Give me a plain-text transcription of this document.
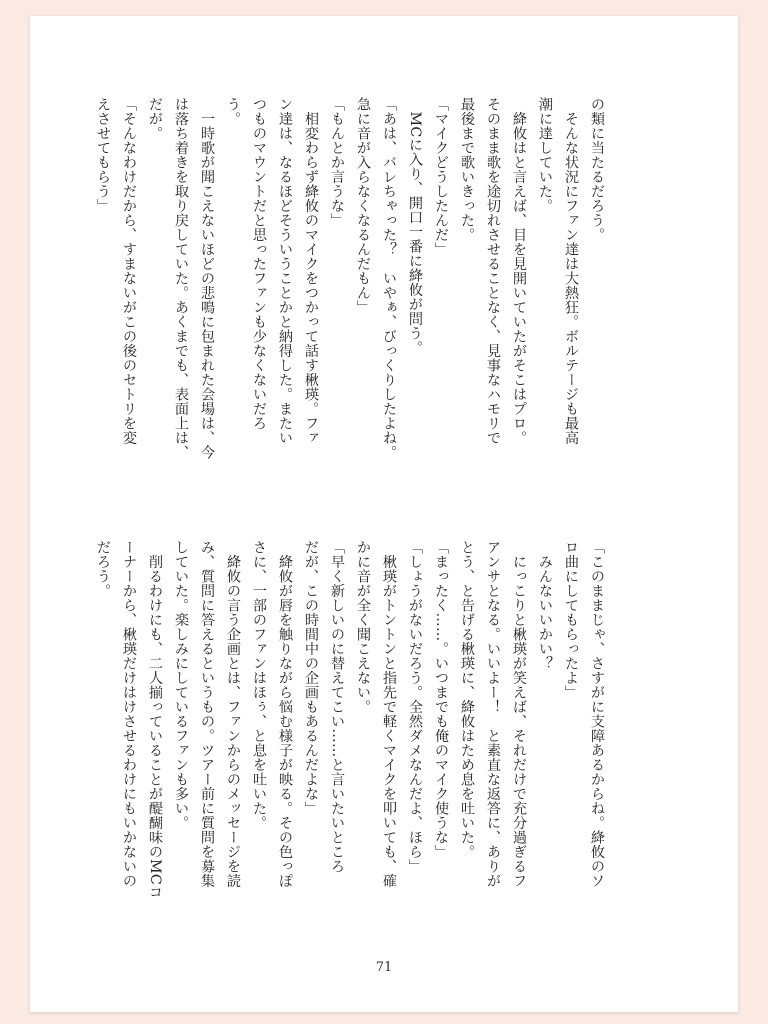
の類に当たるだろう。
　そんな状況にファン達は大熱狂。ボルテージも最高
潮に達していた。
　絳攸はと言えば、目を見開いていたがそこはプロ。
そのまま歌を途切れさせることなく、見事なハモリで
最後まで歌いきった。
「マイクどうしたんだ」
　MCに入り、開口一番に絳攸が問う。
「あは、バレちゃった？　いやぁ、びっくりしたよね。
急に音が入らなくなるんだもん」
「もんとか言うな」
　相変わらず絳攸のマイクをつかって話す楸瑛。ファ
ン達は、なるほどそういうことかと納得した。またい
つものマウントだと思ったファンも少なくないだろ
う。
　一時歌が聞こえないほどの悲鳴に包まれた会場は、今
は落ち着きを取り戻していた。あくまでも、表面上は、
だが。
「そんなわけだから、すまないがこの後のセトリを変
えさせてもらう」
「このままじゃ、さすがに支障あるからね。絳攸のソ
ロ曲にしてもらったよ」
　みんないいかい？
　にっこりと楸瑛が笑えば、それだけで充分過ぎるフ
アンサとなる。いいよー！　と素直な返答に、ありが
とう、と告げる楸瑛に、絳攸はため息を吐いた。
「まったく……。いつまでも俺のマイク使うな」
「しょうがないだろう。全然ダメなんだよ、ほら」
　楸瑛がトントンと指先で軽くマイクを叩いても、確
かに音が全く聞こえない。
「早く新しいのに替えてこい……と言いたいところ
だが、この時間中の企画もあるんだよな」
　絳攸が唇を触りながら悩む様子が映る。その色っぽ
さに、一部のファンはほぅ、と息を吐いた。
　絳攸の言う企画とは、ファンからのメッセージを読
み、質問に答えるというもの。ツアー前に質問を募集
していた。楽しみにしているファンも多い。
　削るわけにも、二人揃っていることが醍醐味のMCコ
ーナーから、楸瑛だけはけさせるわけにもいかないの
だろう。
71
